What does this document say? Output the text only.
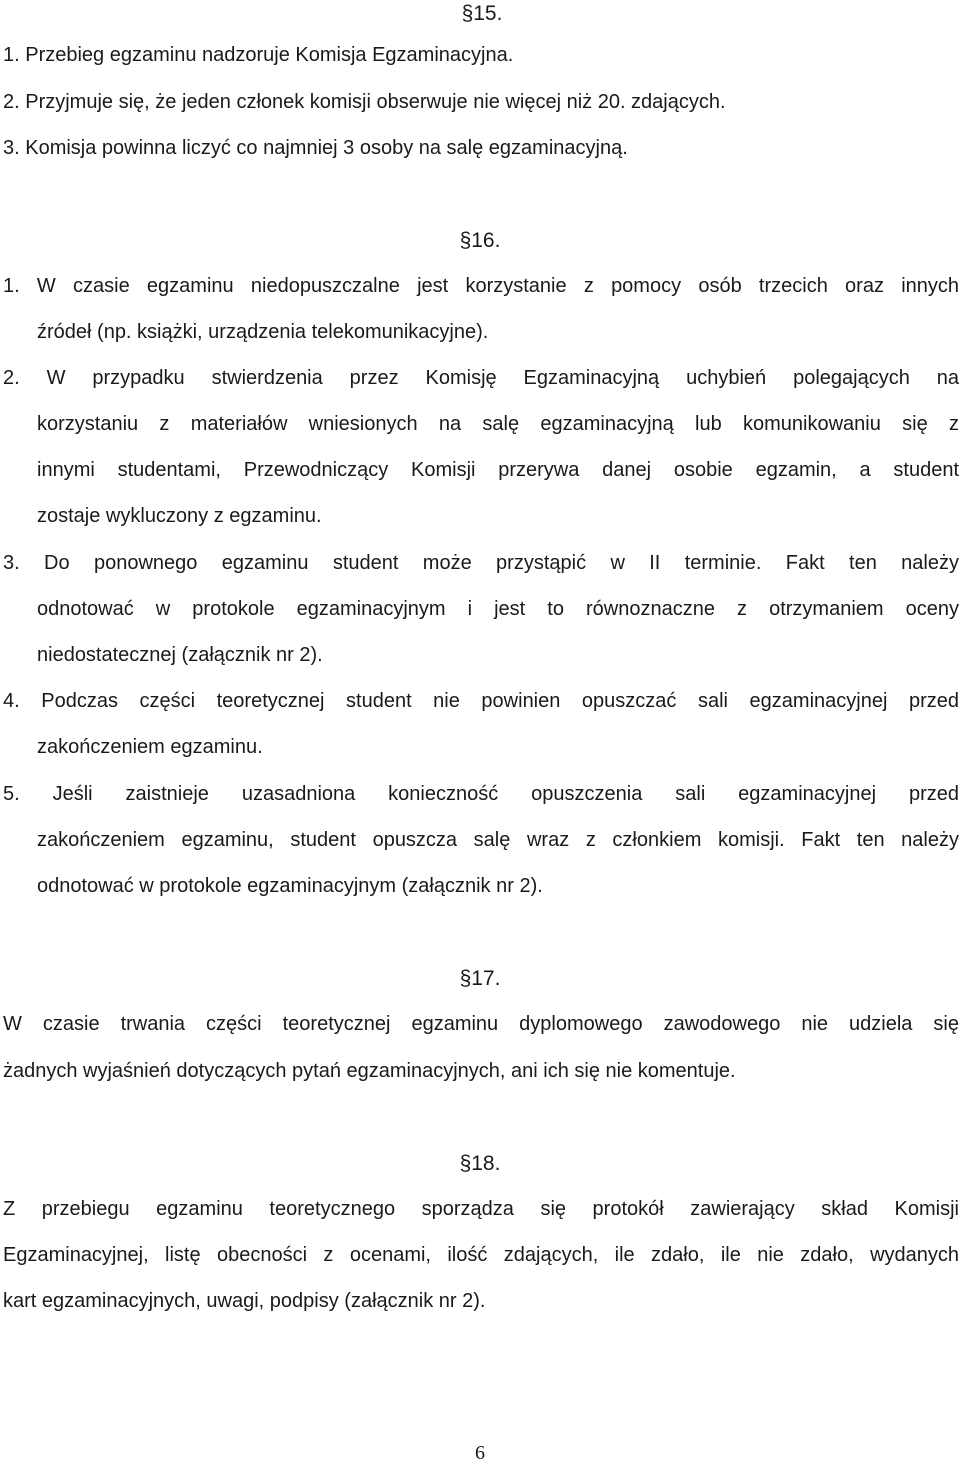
§15.
1. Przebieg egzaminu nadzoruje Komisja Egzaminacyjna.
2. Przyjmuje się, że jeden członek komisji obserwuje nie więcej niż 20. zdających.
3. Komisja powinna liczyć co najmniej 3 osoby na salę egzaminacyjną.
§16.
1. W czasie egzaminu niedopuszczalne jest korzystanie z pomocy osób trzecich oraz innych
źródeł (np. książki, urządzenia telekomunikacyjne).
2. W przypadku stwierdzenia przez Komisję Egzaminacyjną uchybień polegających na
korzystaniu z materiałów wniesionych na salę egzaminacyjną lub komunikowaniu się z
innymi studentami, Przewodniczący Komisji przerywa danej osobie egzamin, a student
zostaje wykluczony z egzaminu.
3. Do ponownego egzaminu student może przystąpić w II terminie. Fakt ten należy
odnotować w protokole egzaminacyjnym i jest to równoznaczne z otrzymaniem oceny
niedostatecznej (załącznik nr 2).
4. Podczas części teoretycznej student nie powinien opuszczać sali egzaminacyjnej przed
zakończeniem egzaminu.
5. Jeśli zaistnieje uzasadniona konieczność opuszczenia sali egzaminacyjnej przed
zakończeniem egzaminu, student opuszcza salę wraz z członkiem komisji. Fakt ten należy
odnotować w protokole egzaminacyjnym (załącznik nr 2).
§17.
W czasie trwania części teoretycznej egzaminu dyplomowego zawodowego nie udziela się
żadnych wyjaśnień dotyczących pytań egzaminacyjnych, ani ich się nie komentuje.
§18.
Z przebiegu egzaminu teoretycznego sporządza się protokół zawierający skład Komisji
Egzaminacyjnej, listę obecności z ocenami, ilość zdających, ile zdało, ile nie zdało, wydanych
kart egzaminacyjnych, uwagi, podpisy (załącznik nr 2).
6
